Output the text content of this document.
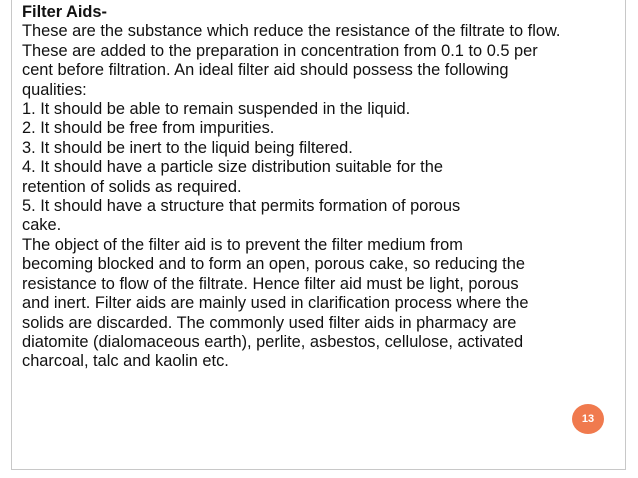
Filter Aids-
These are the substance which reduce the resistance of the filtrate to flow.
These are added to the preparation in concentration from 0.1 to 0.5 per
cent before filtration. An ideal filter aid should possess the following
qualities:
1. It should be able to remain suspended in the liquid.
2. It should be free from impurities.
3. It should be inert to the liquid being filtered.
4. It should have a particle size distribution suitable for the
retention of solids as required.
5. It should have a structure that permits formation of porous
cake.
The object of the filter aid is to prevent the filter medium from
becoming blocked and to form an open, porous cake, so reducing the
resistance to flow of the filtrate. Hence filter aid must be light, porous
and inert. Filter aids are mainly used in clarification process where the
solids are discarded. The commonly used filter aids in pharmacy are
diatomite (dialomaceous earth), perlite, asbestos, cellulose, activated
charcoal, talc and kaolin etc.
13
